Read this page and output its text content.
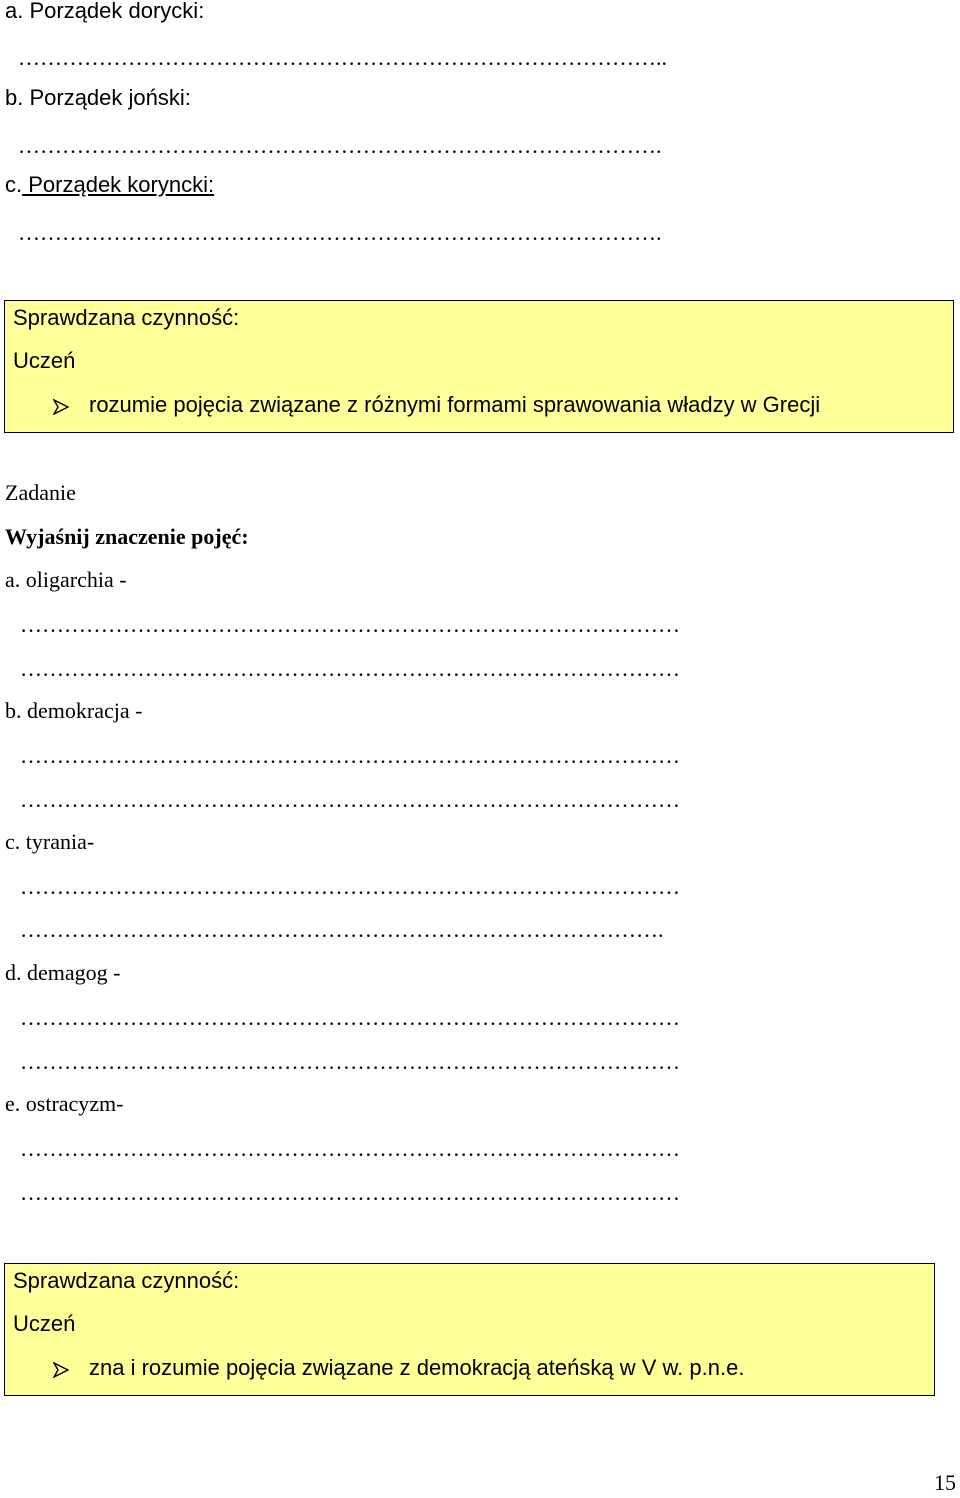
a. Porządek dorycki:
……………………………………………………………………………..
b. Porządek joński:
…………………………………………………………………………….
c. Porządek koryncki:
…………………………………………………………………………….
Sprawdzana czynność:
Uczeń
rozumie pojęcia związane z różnymi formami sprawowania władzy w Grecji
Zadanie
Wyjaśnij znaczenie pojęć:
a. oligarchia -
………………………………………………………………………………
………………………………………………………………………………
b. demokracja -
………………………………………………………………………………
………………………………………………………………………………
c. tyrania-
………………………………………………………………………………
…………………………………………………………………………….
d. demagog -
………………………………………………………………………………
………………………………………………………………………………
e. ostracyzm-
………………………………………………………………………………
………………………………………………………………………………
Sprawdzana czynność:
Uczeń
zna i rozumie pojęcia związane z demokracją ateńską w V w. p.n.e.
15
